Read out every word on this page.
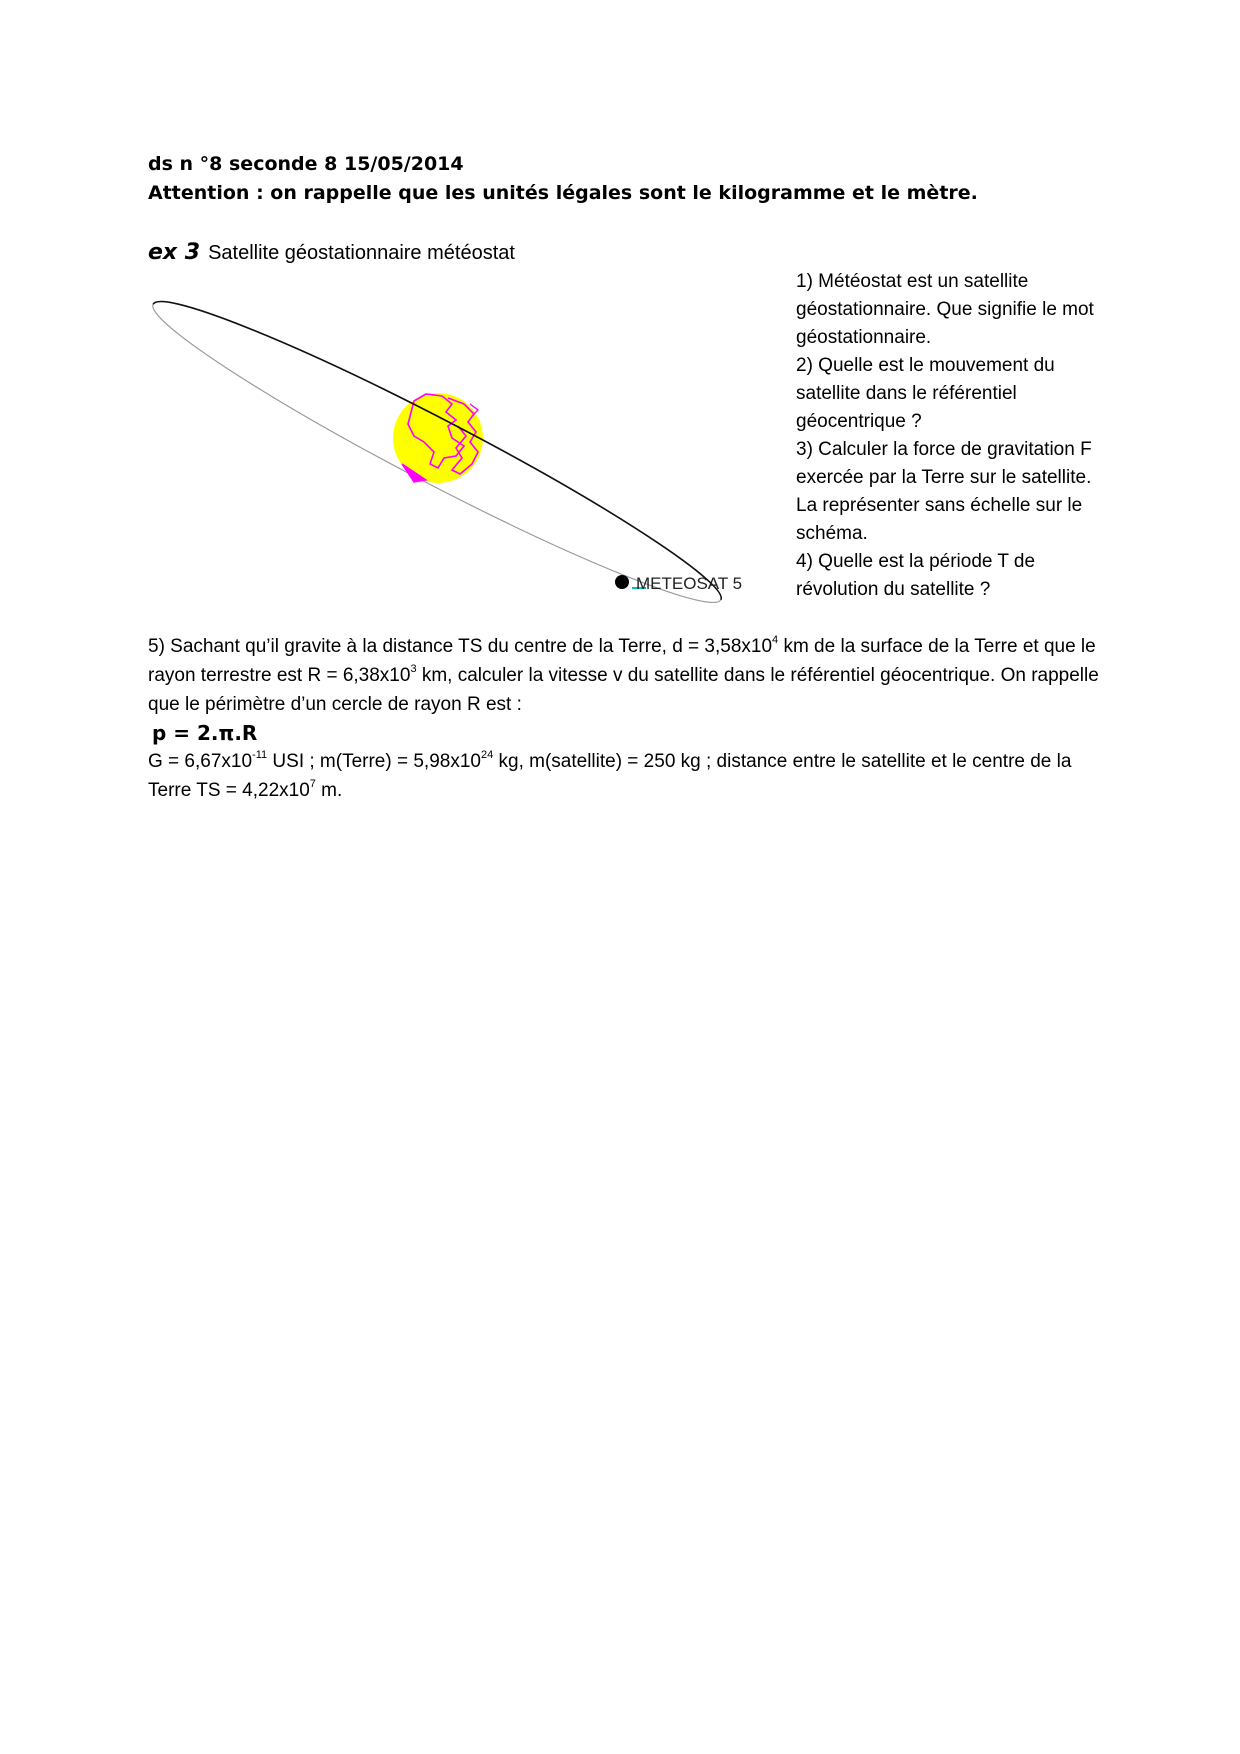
ds n °8 seconde 8 15/05/2014
Attention : on rappelle que les unités légales sont le kilogramme et le mètre.
ex 3 Satellite géostationnaire météostat
METEOSAT 5

1) Météostat est un satellite géostationnaire. Que signifie le mot géostationnaire.

2) Quelle est le mouvement du satellite dans le référentiel géocentrique ?

3) Calculer la force de gravitation F exercée par la Terre sur le satellite. La représenter sans échelle sur le schéma.

4) Quelle est la période T de révolution du satellite ?

5) Sachant qu’il gravite à la distance TS du centre de la Terre, $d = 3,58x10^4$ km de la surface de la Terre et que le rayon terrestre est $R = 6,38x10^3$ km, calculer la vitesse v du satellite dans le référentiel géocentrique. On rappelle que le périmètre d’un cercle de rayon R est :

p = 2.π.R

$G = 6,67x10^{-11}$ USI ; m(Terre) = $5,98x10^{24}$ kg, m(satellite) = 250 kg ; distance entre le satellite et le centre de la Terre TS = $4,22x10^7$ m.
